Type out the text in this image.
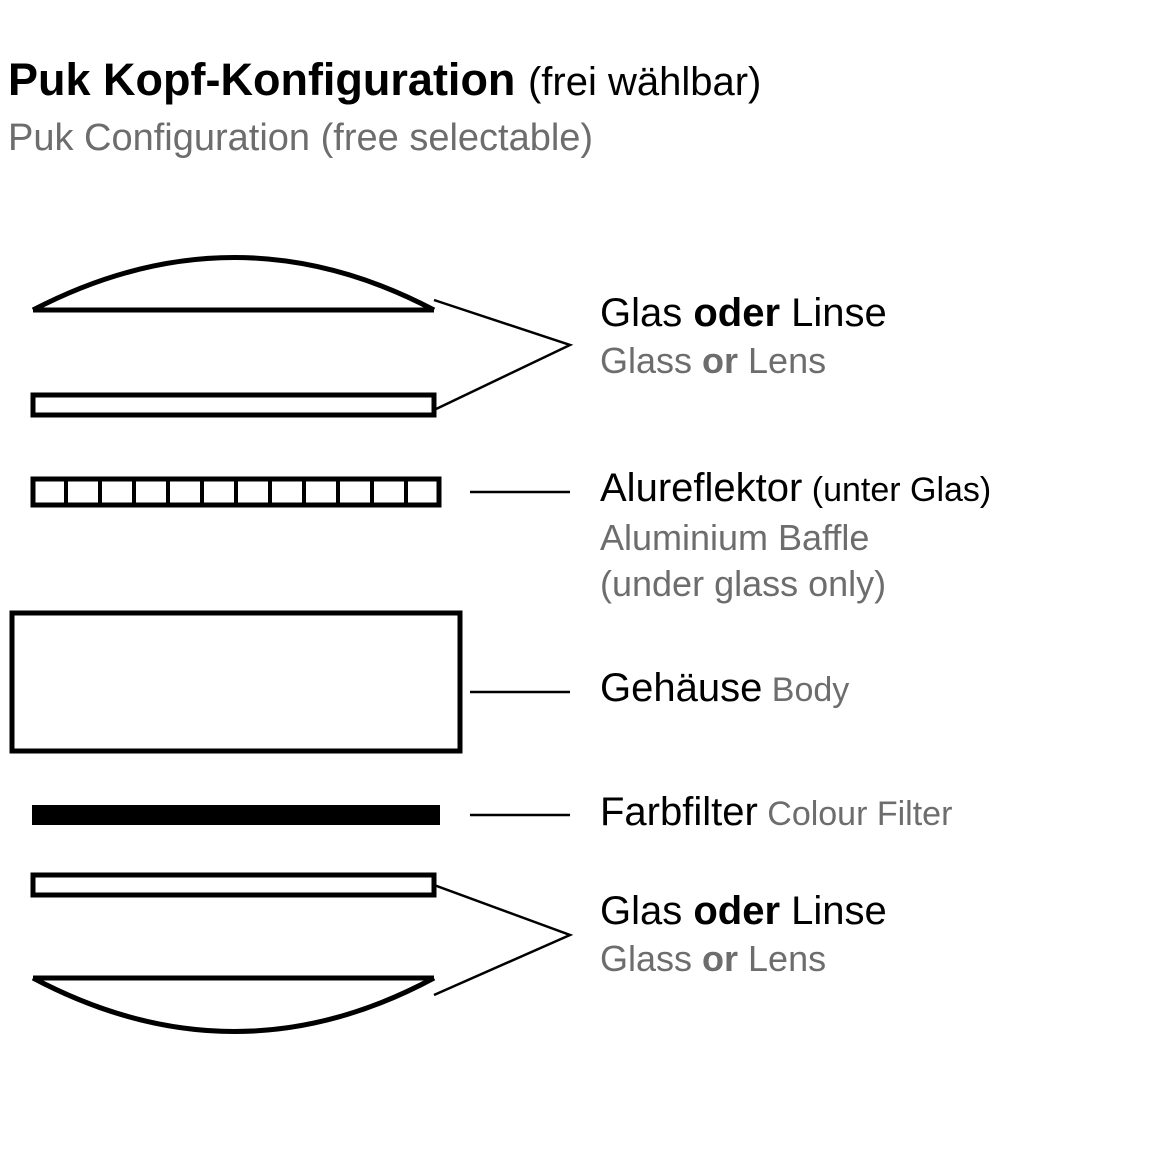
Puk Kopf-Konfiguration (frei wählbar)
Puk Configuration (free selectable)
Glas oder Linse
Glass or Lens
Alureflektor (unter Glas)
Aluminium Baffle
(under glass only)
Gehäuse Body
Farbfilter Colour Filter
Glas oder Linse
Glass or Lens
